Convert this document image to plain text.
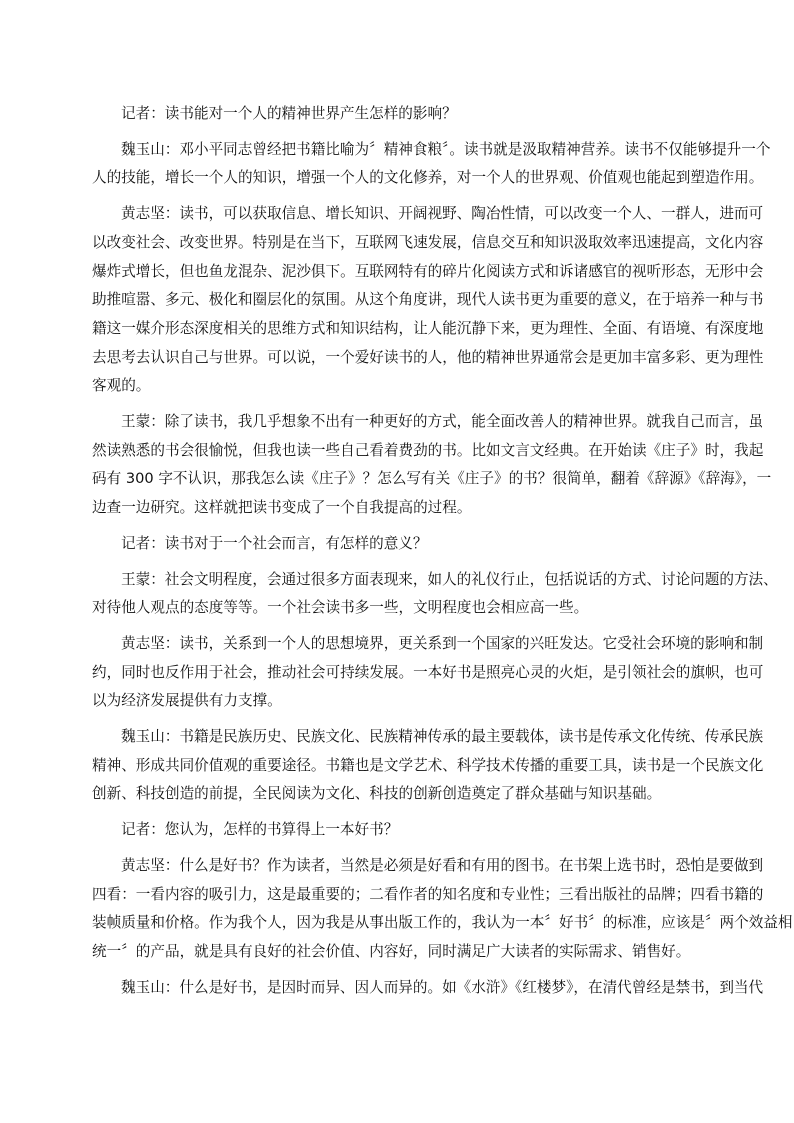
记者：读书能对一个人的精神世界产生怎样的影响？
魏玉山：邓小平同志曾经把书籍比喻为〞精神食粮〞。读书就是汲取精神营养。读书不仅能够提升一个
人的技能，增长一个人的知识，增强一个人的文化修养，对一个人的世界观、价值观也能起到塑造作用。
黄志坚：读书，可以获取信息、增长知识、开阔视野、陶冶性情，可以改变一个人、一群人，进而可
以改变社会、改变世界。特别是在当下，互联网飞速发展，信息交互和知识汲取效率迅速提高，文化内容
爆炸式增长，但也鱼龙混杂、泥沙俱下。互联网特有的碎片化阅读方式和诉诸感官的视听形态，无形中会
助推喧嚣、多元、极化和圈层化的氛围。从这个角度讲，现代人读书更为重要的意义，在于培养一种与书
籍这一媒介形态深度相关的思维方式和知识结构，让人能沉静下来，更为理性、全面、有语境、有深度地
去思考去认识自己与世界。可以说，一个爱好读书的人，他的精神世界通常会是更加丰富多彩、更为理性
客观的。
王蒙：除了读书，我几乎想象不出有一种更好的方式，能全面改善人的精神世界。就我自己而言，虽
然读熟悉的书会很愉悦，但我也读一些自己看着费劲的书。比如文言文经典。在开始读《庄子》时，我起
码有 300 字不认识，那我怎么读《庄子》？怎么写有关《庄子》的书？很简单，翻着《辞源》《辞海》，一
边查一边研究。这样就把读书变成了一个自我提高的过程。
记者：读书对于一个社会而言，有怎样的意义？
王蒙：社会文明程度，会通过很多方面表现来，如人的礼仪行止，包括说话的方式、讨论问题的方法、
对待他人观点的态度等等。一个社会读书多一些，文明程度也会相应高一些。
黄志坚：读书，关系到一个人的思想境界，更关系到一个国家的兴旺发达。它受社会环境的影响和制
约，同时也反作用于社会，推动社会可持续发展。一本好书是照亮心灵的火炬，是引领社会的旗帜，也可
以为经济发展提供有力支撑。
魏玉山：书籍是民族历史、民族文化、民族精神传承的最主要载体，读书是传承文化传统、传承民族
精神、形成共同价值观的重要途径。书籍也是文学艺术、科学技术传播的重要工具，读书是一个民族文化
创新、科技创造的前提，全民阅读为文化、科技的创新创造奠定了群众基础与知识基础。
记者：您认为，怎样的书算得上一本好书？
黄志坚：什么是好书？作为读者，当然是必须是好看和有用的图书。在书架上选书时，恐怕是要做到
四看：一看内容的吸引力，这是最重要的；二看作者的知名度和专业性；三看出版社的品牌；四看书籍的
装帧质量和价格。作为我个人，因为我是从事出版工作的，我认为一本〞好书〞的标准，应该是〞两个效益相
统一〞的产品，就是具有良好的社会价值、内容好，同时满足广大读者的实际需求、销售好。
魏玉山：什么是好书，是因时而异、因人而异的。如《水浒》《红楼梦》，在清代曾经是禁书，到当代
